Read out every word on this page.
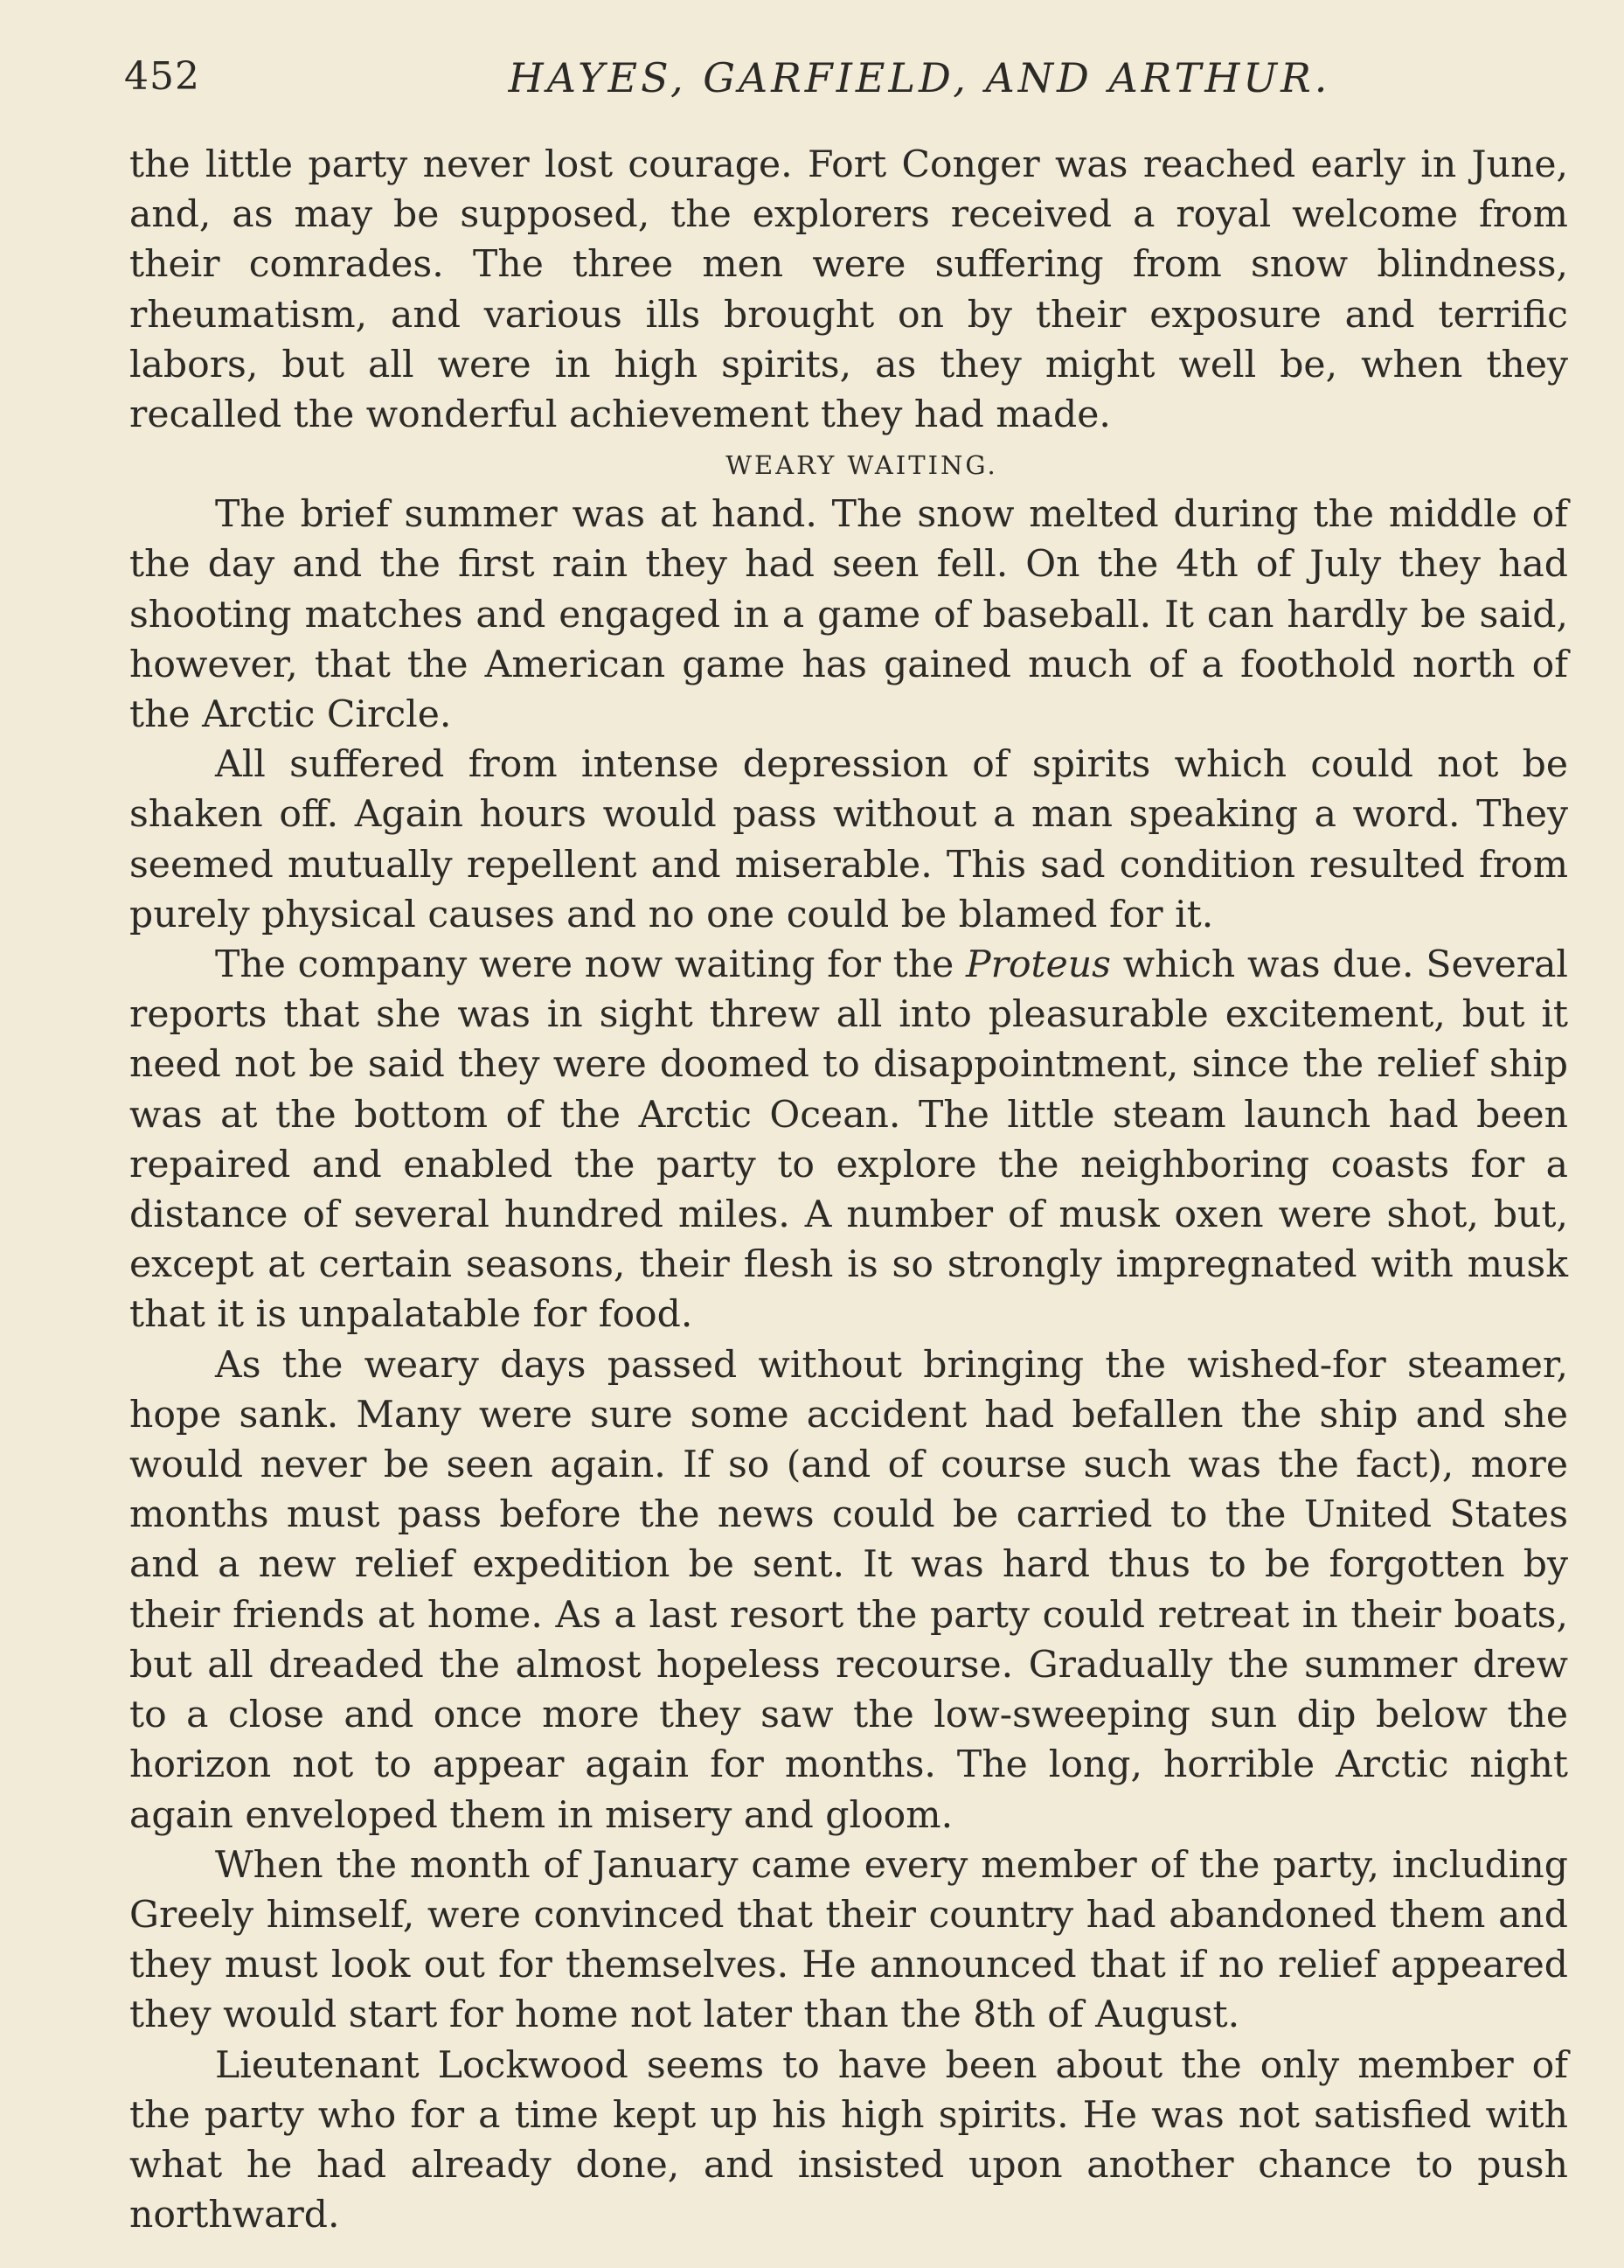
452	HAYES, GARFIELD, AND ARTHUR.

the little party never lost courage. Fort Conger was reached early in June, and, as may be supposed, the explorers received a royal welcome from their comrades. The three men were suffering from snow blindness, rheumatism, and various ills brought on by their exposure and terrific labors, but all were in high spirits, as they might well be, when they recalled the wonderful achievement they had made.

WEARY WAITING.

The brief summer was at hand. The snow melted during the middle of the day and the first rain they had seen fell. On the 4th of July they had shooting matches and engaged in a game of baseball. It can hardly be said, however, that the American game has gained much of a foothold north of the Arctic Circle.

All suffered from intense depression of spirits which could not be shaken off. Again hours would pass without a man speaking a word. They seemed mutually repellent and miserable. This sad condition resulted from purely physical causes and no one could be blamed for it.

The company were now waiting for the Proteus which was due. Several reports that she was in sight threw all into pleasurable excitement, but it need not be said they were doomed to disappointment, since the relief ship was at the bottom of the Arctic Ocean. The little steam launch had been repaired and enabled the party to explore the neighboring coasts for a distance of several hundred miles. A number of musk oxen were shot, but, except at certain seasons, their flesh is so strongly impregnated with musk that it is unpalatable for food.

As the weary days passed without bringing the wished-for steamer, hope sank. Many were sure some accident had befallen the ship and she would never be seen again. If so (and of course such was the fact), more months must pass before the news could be carried to the United States and a new relief expedition be sent. It was hard thus to be forgotten by their friends at home. As a last resort the party could retreat in their boats, but all dreaded the almost hopeless recourse. Gradually the summer drew to a close and once more they saw the low-sweeping sun dip below the horizon not to appear again for months. The long, horrible Arctic night again enveloped them in misery and gloom.

When the month of January came every member of the party, including Greely himself, were convinced that their country had abandoned them and they must look out for themselves. He announced that if no relief appeared they would start for home not later than the 8th of August.

Lieutenant Lockwood seems to have been about the only member of the party who for a time kept up his high spirits. He was not satisfied with what he had already done, and insisted upon another chance to push northward.
